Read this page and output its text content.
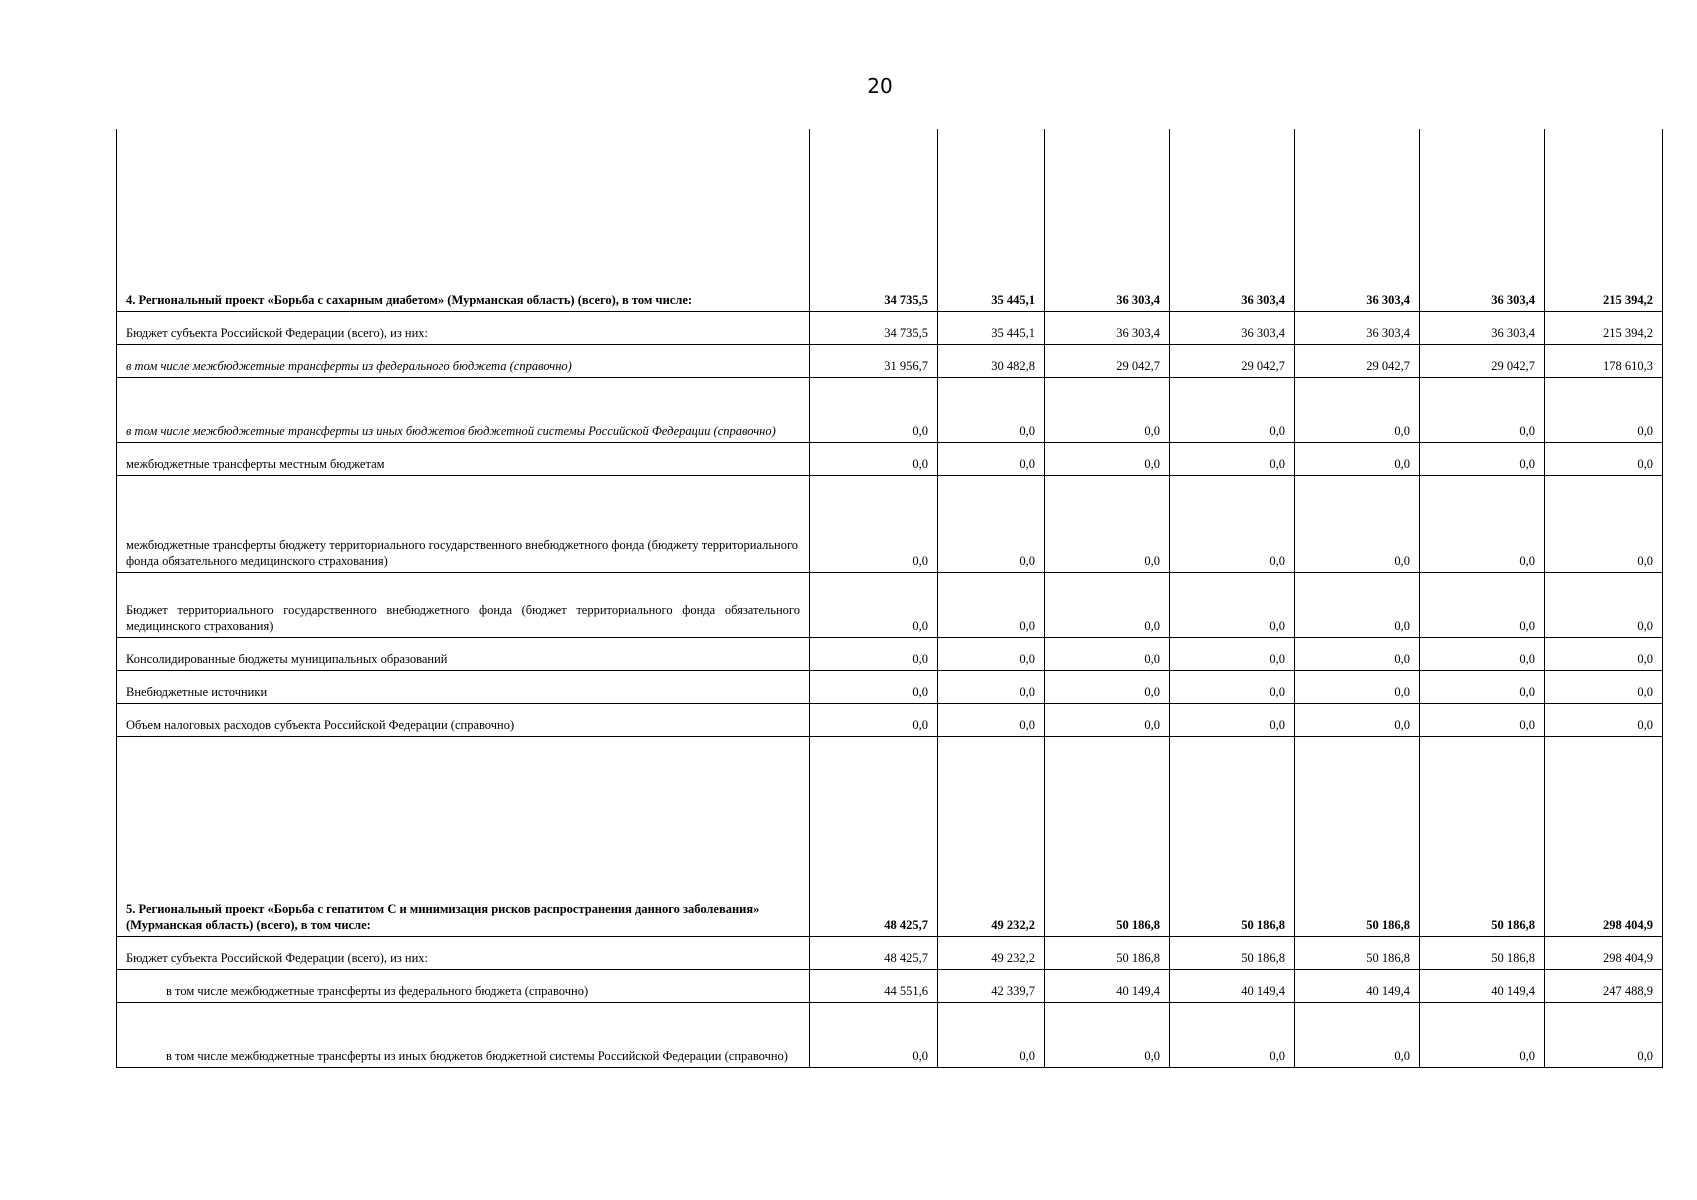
20
4. Региональный проект «Борьба с сахарным диабетом» (Мурманская область) (всего), в том числе:	34 735,5	35 445,1	36 303,4	36 303,4	36 303,4	36 303,4	215 394,2
Бюджет субъекта Российской Федерации (всего), из них:	34 735,5	35 445,1	36 303,4	36 303,4	36 303,4	36 303,4	215 394,2
в том числе межбюджетные трансферты из федерального бюджета (справочно)	31 956,7	30 482,8	29 042,7	29 042,7	29 042,7	29 042,7	178 610,3
в том числе межбюджетные трансферты из иных бюджетов бюджетной системы Российской Федерации (справочно)	0,0	0,0	0,0	0,0	0,0	0,0	0,0
межбюджетные трансферты местным бюджетам	0,0	0,0	0,0	0,0	0,0	0,0	0,0
межбюджетные трансферты бюджету территориального государственного внебюджетного фонда (бюджету территориального фонда обязательного медицинского страхования)	0,0	0,0	0,0	0,0	0,0	0,0	0,0
Бюджет территориального государственного внебюджетного фонда (бюджет территориального фонда обязательного медицинского страхования)	0,0	0,0	0,0	0,0	0,0	0,0	0,0
Консолидированные бюджеты муниципальных образований	0,0	0,0	0,0	0,0	0,0	0,0	0,0
Внебюджетные источники	0,0	0,0	0,0	0,0	0,0	0,0	0,0
Объем налоговых расходов субъекта Российской Федерации (справочно)	0,0	0,0	0,0	0,0	0,0	0,0	0,0
5. Региональный проект «Борьба с гепатитом С и минимизация рисков распространения данного заболевания» (Мурманская область) (всего), в том числе:	48 425,7	49 232,2	50 186,8	50 186,8	50 186,8	50 186,8	298 404,9
Бюджет субъекта Российской Федерации (всего), из них:	48 425,7	49 232,2	50 186,8	50 186,8	50 186,8	50 186,8	298 404,9
в том числе межбюджетные трансферты из федерального бюджета (справочно)	44 551,6	42 339,7	40 149,4	40 149,4	40 149,4	40 149,4	247 488,9
в том числе межбюджетные трансферты из иных бюджетов бюджетной системы Российской Федерации (справочно)	0,0	0,0	0,0	0,0	0,0	0,0	0,0
